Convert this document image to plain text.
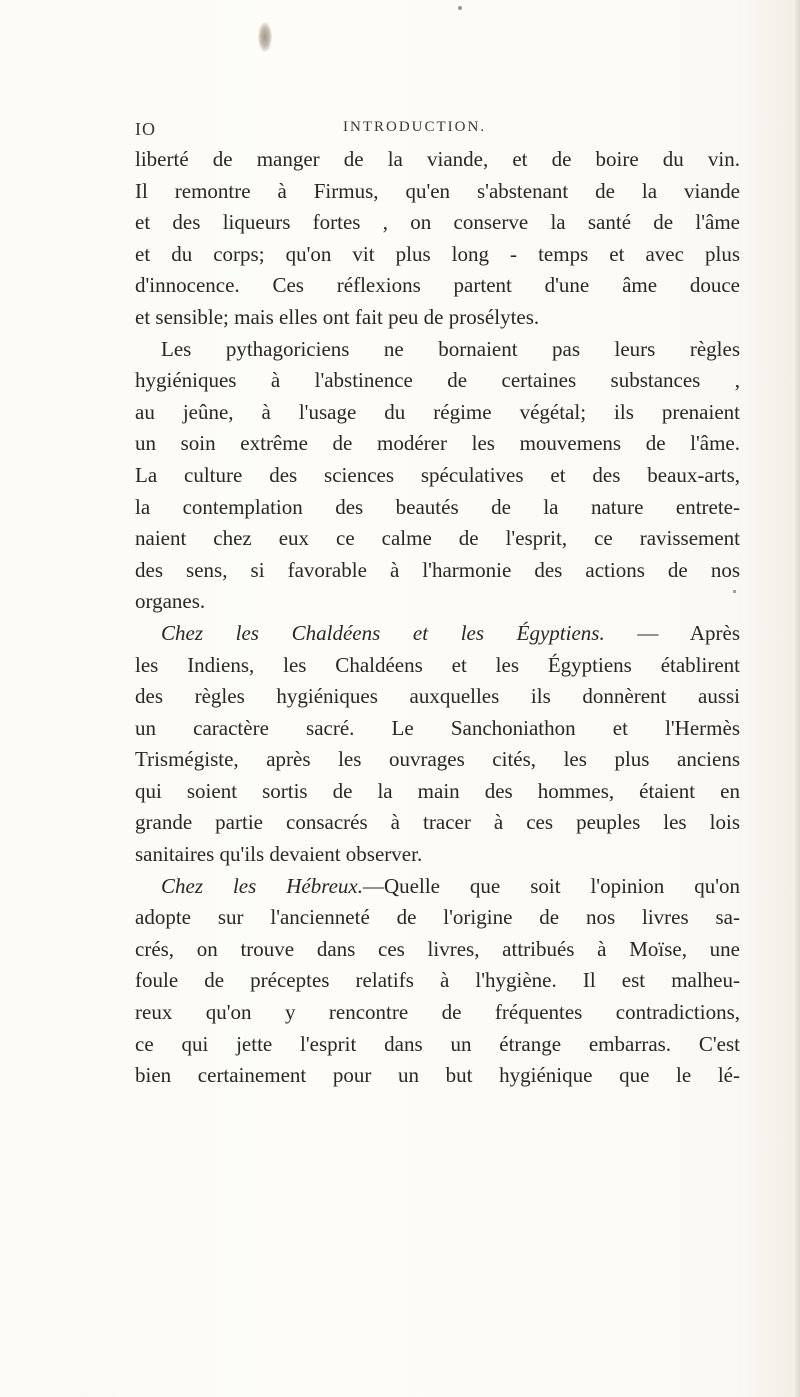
IO	INTRODUCTION.
liberté de manger de la viande, et de boire du vin.
Il remontre à Firmus, qu'en s'abstenant de la viande
et des liqueurs fortes , on conserve la santé de l'âme
et du corps; qu'on vit plus long - temps et avec plus
d'innocence. Ces réflexions partent d'une âme douce
et sensible; mais elles ont fait peu de prosélytes.
Les pythagoriciens ne bornaient pas leurs règles
hygiéniques à l'abstinence de certaines substances ,
au jeûne, à l'usage du régime végétal; ils prenaient
un soin extrême de modérer les mouvemens de l'âme.
La culture des sciences spéculatives et des beaux-arts,
la contemplation des beautés de la nature entrete-
naient chez eux ce calme de l'esprit, ce ravissement
des sens, si favorable à l'harmonie des actions de nos
organes.
Chez les Chaldéens et les Égyptiens. — Après
les Indiens, les Chaldéens et les Égyptiens établirent
des règles hygiéniques auxquelles ils donnèrent aussi
un caractère sacré. Le Sanchoniathon et l'Hermès
Trismégiste, après les ouvrages cités, les plus anciens
qui soient sortis de la main des hommes, étaient en
grande partie consacrés à tracer à ces peuples les lois
sanitaires qu'ils devaient observer.
Chez les Hébreux.—Quelle que soit l'opinion qu'on
adopte sur l'ancienneté de l'origine de nos livres sa-
crés, on trouve dans ces livres, attribués à Moïse, une
foule de préceptes relatifs à l'hygiène. Il est malheu-
reux qu'on y rencontre de fréquentes contradictions,
ce qui jette l'esprit dans un étrange embarras. C'est
bien certainement pour un but hygiénique que le lé-
